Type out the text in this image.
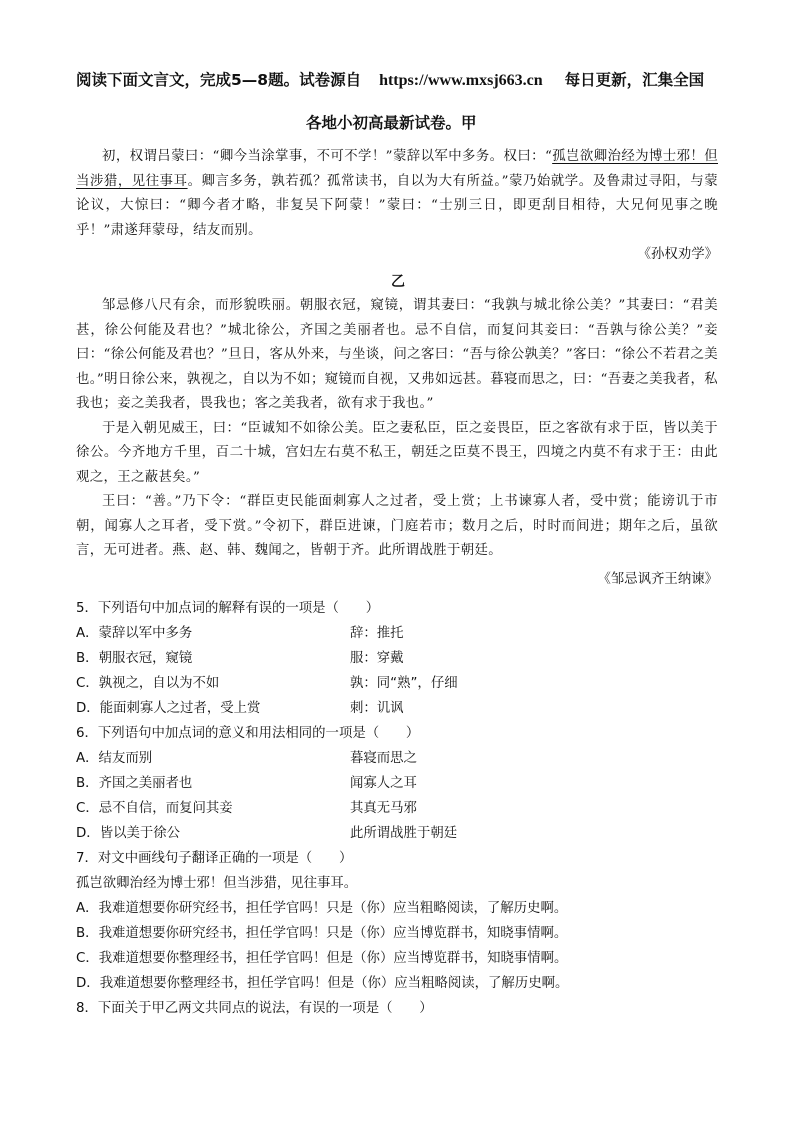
阅读下面文言文，完成5—8题。试卷源自 https://www.mxsj663.cn 每日更新，汇集全国
各地小初高最新试卷。甲

初，权谓吕蒙曰：“卿今当涂掌事，不可不学！”蒙辞以军中多务。权曰：“孤岂欲卿治经为博士邪！但当涉猎，见往事耳。卿言多务，孰若孤？孤常读书，自以为大有所益。”蒙乃始就学。及鲁肃过寻阳，与蒙论议，大惊曰：“卿今者才略，非复吴下阿蒙！”蒙曰：“士别三日，即更刮目相待，大兄何见事之晚乎！”肃遂拜蒙母，结友而别。

《孙权劝学》
乙

邹忌修八尺有余，而形貌昳丽。朝服衣冠，窥镜，谓其妻曰：“我孰与城北徐公美？”其妻曰：“君美甚，徐公何能及君也？”城北徐公，齐国之美丽者也。忌不自信，而复问其妾曰：“吾孰与徐公美？”妾曰：“徐公何能及君也？”旦日，客从外来，与坐谈，问之客曰：“吾与徐公孰美？”客曰：“徐公不若君之美也。”明日徐公来，孰视之，自以为不如；窥镜而自视，又弗如远甚。暮寝而思之，曰：“吾妻之美我者，私我也；妾之美我者，畏我也；客之美我者，欲有求于我也。”

于是入朝见威王，曰：“臣诚知不如徐公美。臣之妻私臣，臣之妾畏臣，臣之客欲有求于臣，皆以美于徐公。今齐地方千里，百二十城，宫妇左右莫不私王，朝廷之臣莫不畏王，四境之内莫不有求于王：由此观之，王之蔽甚矣。”

王曰：“善。”乃下令：“群臣吏民能面刺寡人之过者，受上赏；上书谏寡人者，受中赏；能谤讥于市朝，闻寡人之耳者，受下赏。”令初下，群臣进谏，门庭若市；数月之后，时时而间进；期年之后，虽欲言，无可进者。燕、赵、韩、魏闻之，皆朝于齐。此所谓战胜于朝廷。

《邹忌讽齐王纳谏》
5．下列语句中加点词的解释有误的一项是（　　）
A．蒙辞以军中多务	辞：推托
B．朝服衣冠，窥镜	服：穿戴
C．孰视之，自以为不如	孰：同“熟”，仔细
D．能面刺寡人之过者，受上赏	刺：讥讽
6．下列语句中加点词的意义和用法相同的一项是（　　）
A．结友而别	暮寝而思之
B．齐国之美丽者也	闻寡人之耳
C．忌不自信，而复问其妾	其真无马邪
D．皆以美于徐公	此所谓战胜于朝廷
7．对文中画线句子翻译正确的一项是（　　）
孤岂欲卿治经为博士邪！但当涉猎，见往事耳。
A．我难道想要你研究经书，担任学官吗！只是（你）应当粗略阅读，了解历史啊。
B．我难道想要你研究经书，担任学官吗！只是（你）应当博览群书，知晓事情啊。
C．我难道想要你整理经书，担任学官吗！但是（你）应当博览群书，知晓事情啊。
D．我难道想要你整理经书，担任学官吗！但是（你）应当粗略阅读，了解历史啊。
8．下面关于甲乙两文共同点的说法，有误的一项是（　　）
